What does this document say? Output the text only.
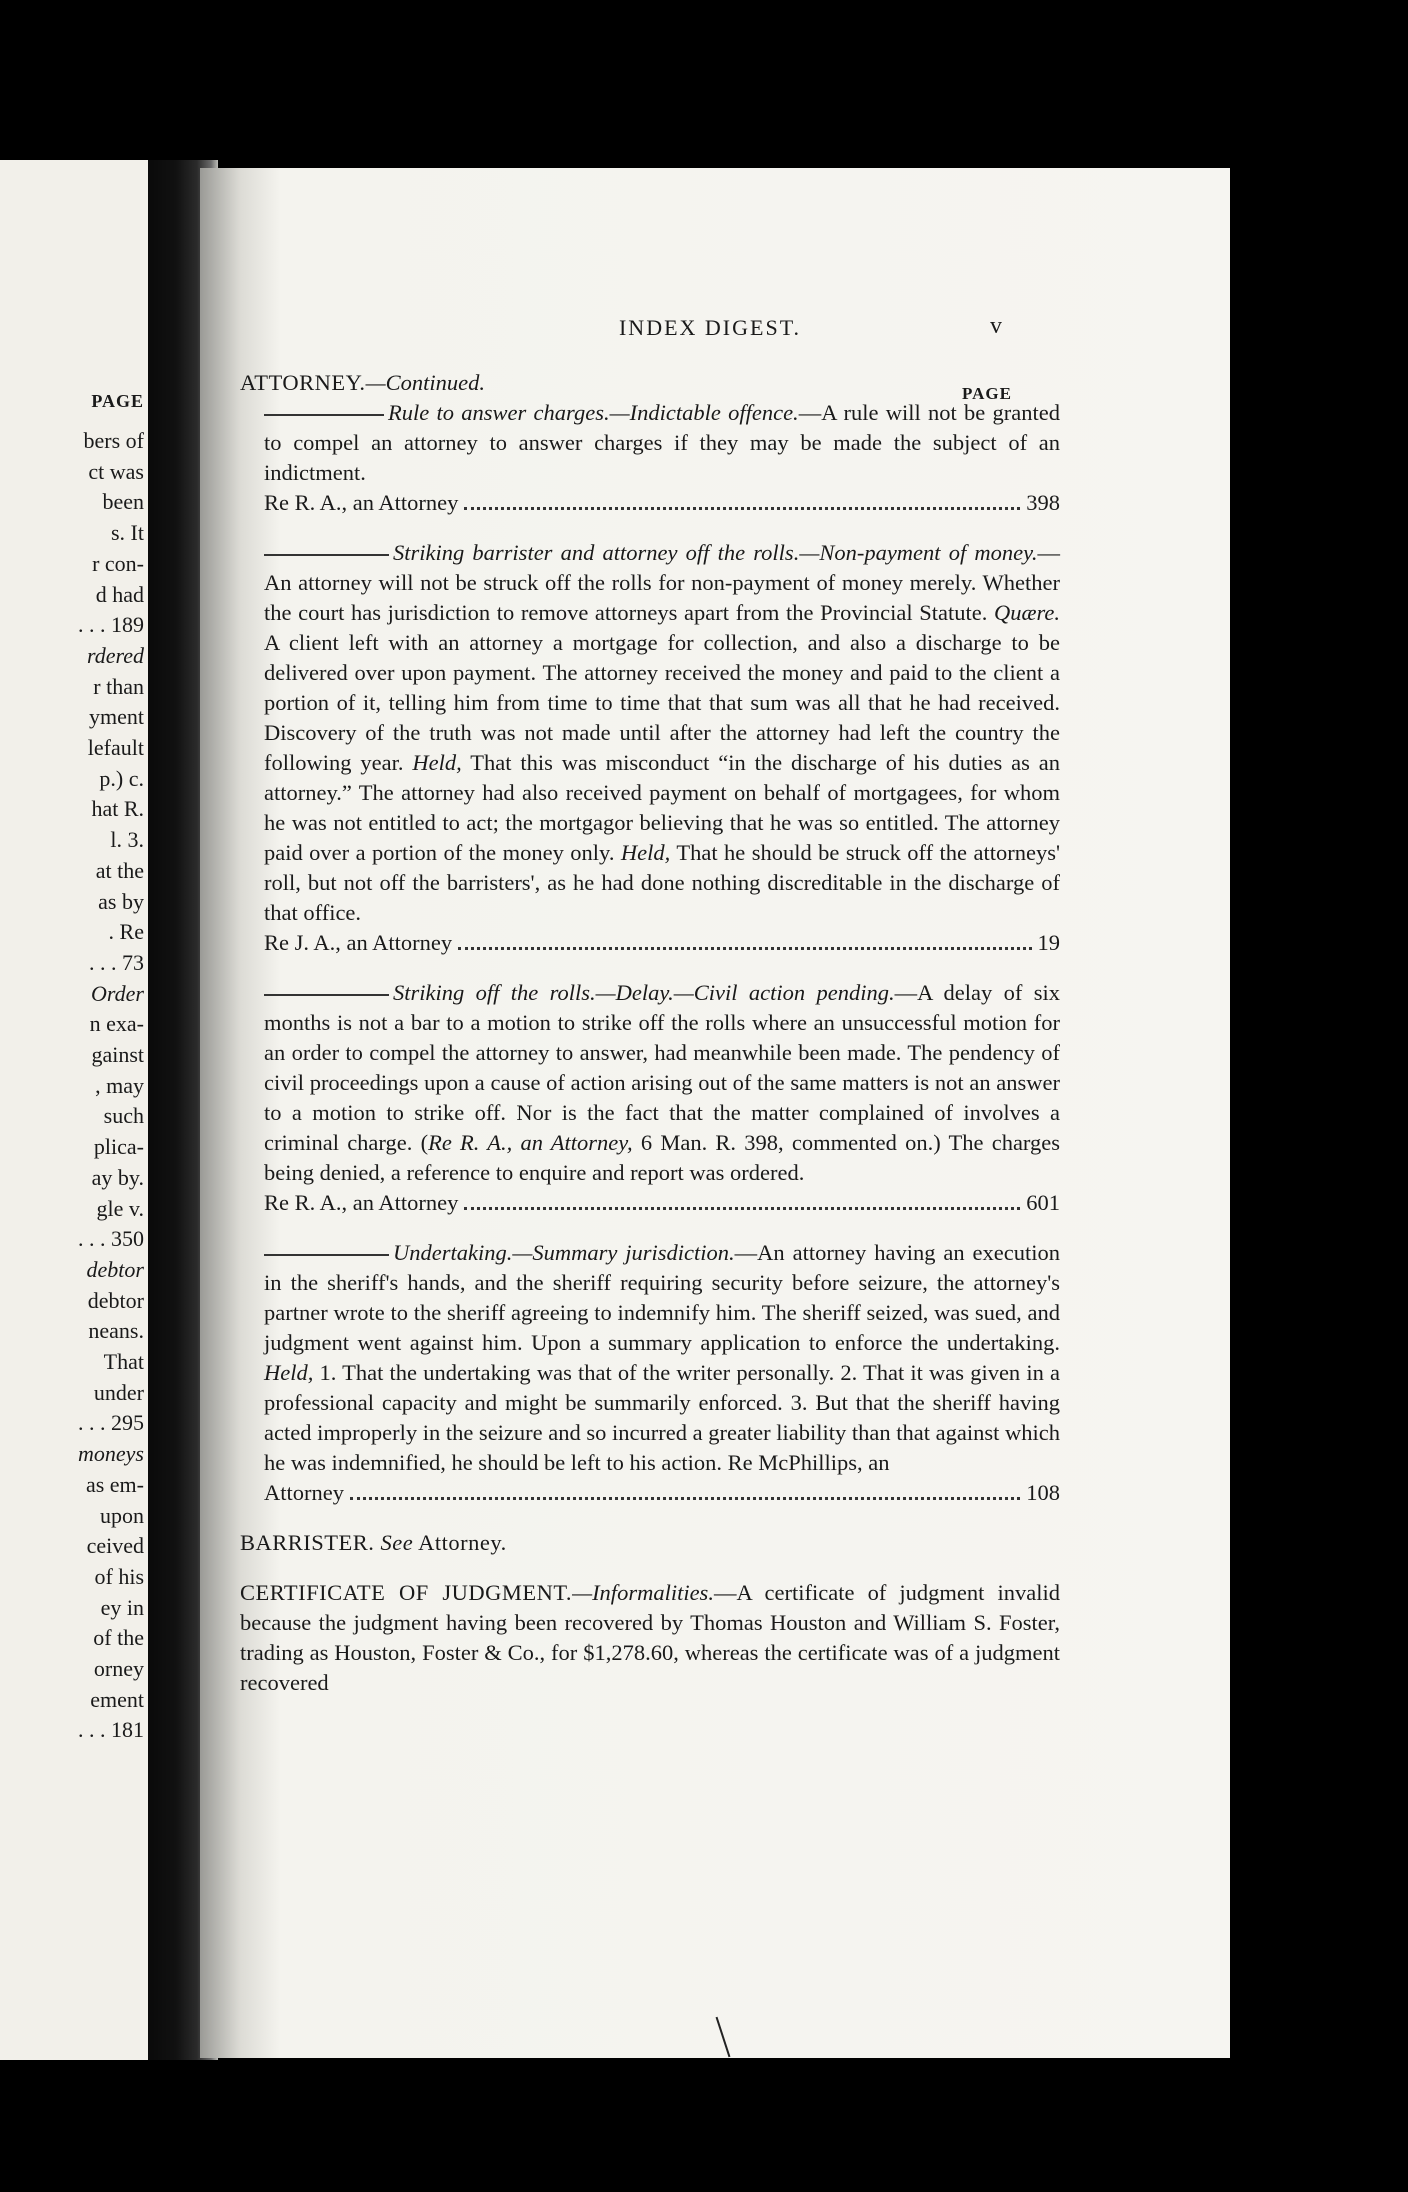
PAGE
bers of
ct was
been
s. It
r con-
d had
. . . 189
rdered
r than
yment
lefault
p.) c.
hat R.
l. 3.
at the
as by
. Re
. . . 73
Order
n exa-
gainst
, may
such
plica-
ay by.
gle v.
. . . 350
debtor
debtor
neans.
That
under
. . . 295
moneys
as em-
upon
ceived
of his
ey in
of the
orney
ement
. . . 181
INDEX DIGEST.	v
PAGE
ATTORNEY.—Continued.
Rule to answer charges.—Indictable offence.—A rule will not be granted to compel an attorney to answer charges if they may be made the subject of an indictment.
Re R. A., an Attorney	398
Striking barrister and attorney off the rolls.—Non-payment of money.—An attorney will not be struck off the rolls for non-payment of money merely. Whether the court has jurisdiction to remove attorneys apart from the Provincial Statute. Quære. A client left with an attorney a mortgage for collection, and also a discharge to be delivered over upon payment. The attorney received the money and paid to the client a portion of it, telling him from time to time that that sum was all that he had received. Discovery of the truth was not made until after the attorney had left the country the following year. Held, That this was misconduct “in the discharge of his duties as an attorney.” The attorney had also received payment on behalf of mortgagees, for whom he was not entitled to act; the mortgagor believing that he was so entitled. The attorney paid over a portion of the money only. Held, That he should be struck off the attorneys' roll, but not off the barristers', as he had done nothing discreditable in the discharge of that office.
Re J. A., an Attorney	19
Striking off the rolls.—Delay.—Civil action pending.—A delay of six months is not a bar to a motion to strike off the rolls where an unsuccessful motion for an order to compel the attorney to answer, had meanwhile been made. The pendency of civil proceedings upon a cause of action arising out of the same matters is not an answer to a motion to strike off. Nor is the fact that the matter complained of involves a criminal charge. (Re R. A., an Attorney, 6 Man. R. 398, commented on.) The charges being denied, a reference to enquire and report was ordered.
Re R. A., an Attorney	601
Undertaking.—Summary jurisdiction.—An attorney having an execution in the sheriff's hands, and the sheriff requiring security before seizure, the attorney's partner wrote to the sheriff agreeing to indemnify him. The sheriff seized, was sued, and judgment went against him. Upon a summary application to enforce the undertaking. Held, 1. That the undertaking was that of the writer personally. 2. That it was given in a professional capacity and might be summarily enforced. 3. But that the sheriff having acted improperly in the seizure and so incurred a greater liability than that against which he was indemnified, he should be left to his action. Re McPhillips, an
Attorney	108
BARRISTER. See Attorney.
CERTIFICATE OF JUDGMENT.—Informalities.—A certificate of judgment invalid because the judgment having been recovered by Thomas Houston and William S. Foster, trading as Houston, Foster & Co., for $1,278.60, whereas the certificate was of a judgment recovered
